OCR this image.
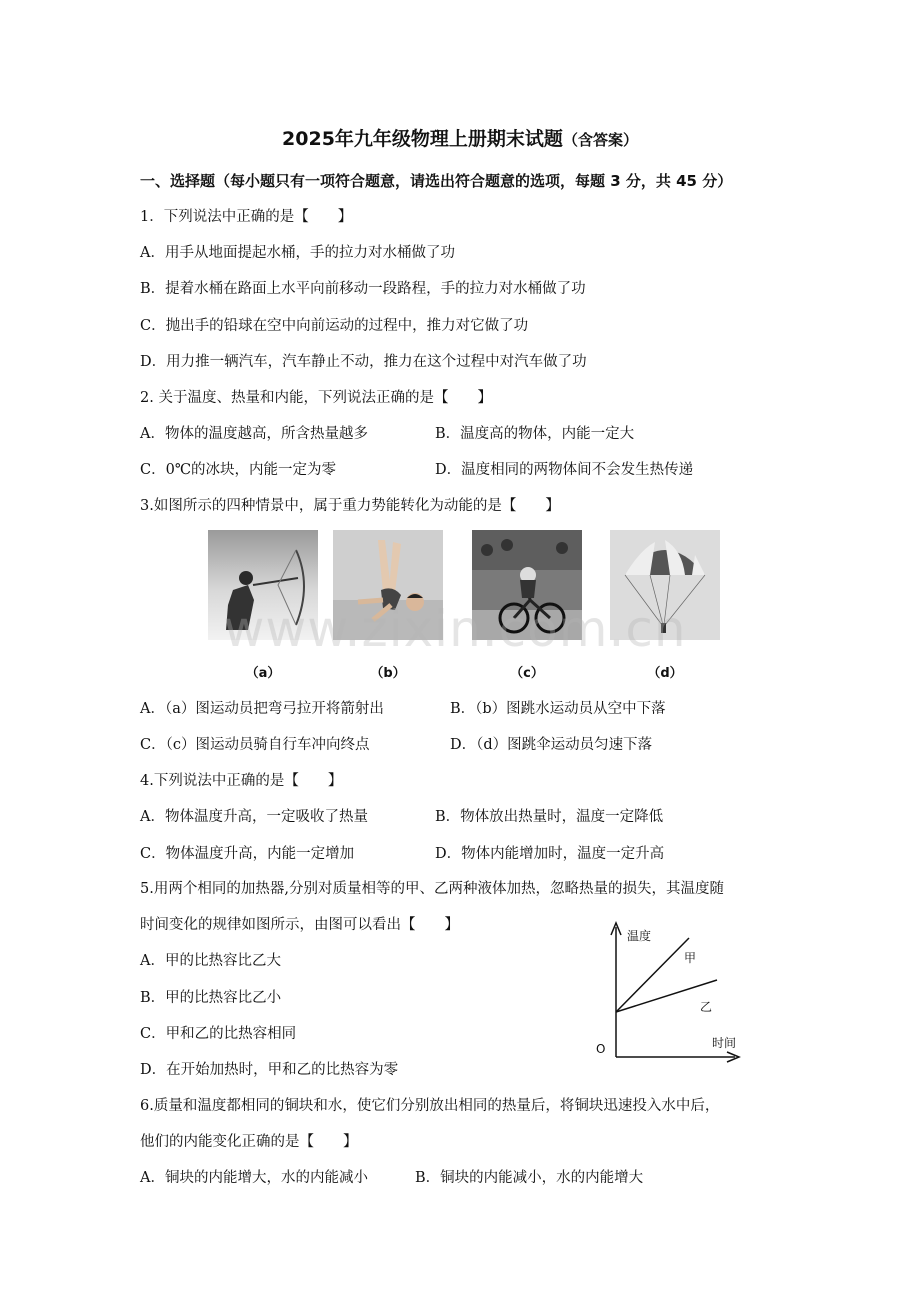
2025年九年级物理上册期末试题（含答案）
一、选择题（每小题只有一项符合题意，请选出符合题意的选项，每题 3 分，共 45 分）
1．下列说法中正确的是【　　】
A．用手从地面提起水桶，手的拉力对水桶做了功
B．提着水桶在路面上水平向前移动一段路程，手的拉力对水桶做了功
C．抛出手的铅球在空中向前运动的过程中，推力对它做了功
D．用力推一辆汽车，汽车静止不动，推力在这个过程中对汽车做了功
2. 关于温度、热量和内能，下列说法正确的是【　　】
A．物体的温度越高，所含热量越多	B．温度高的物体，内能一定大
C．0℃的冰块，内能一定为零	D．温度相同的两物体间不会发生热传递
3.如图所示的四种情景中，属于重力势能转化为动能的是【　　】
（a）	（b）	（c）	（d）
www.zixin.com.cn
A．（a）图运动员把弯弓拉开将箭射出	B．（b）图跳水运动员从空中下落
C．（c）图运动员骑自行车冲向终点	D．（d）图跳伞运动员匀速下落
4.下列说法中正确的是【　　】
A．物体温度升高，一定吸收了热量	B．物体放出热量时，温度一定降低
C．物体温度升高，内能一定增加	D．物体内能增加时，温度一定升高
5.用两个相同的加热器,分别对质量相等的甲、乙两种液体加热，忽略热量的损失，其温度随
时间变化的规律如图所示，由图可以看出【　　】
A．甲的比热容比乙大
B．甲的比热容比乙小
C．甲和乙的比热容相同
D．在开始加热时，甲和乙的比热容为零
温度
时间
O
甲
乙
6.质量和温度都相同的铜块和水，使它们分别放出相同的热量后，将铜块迅速投入水中后，
他们的内能变化正确的是【　　】
A．铜块的内能增大，水的内能减小	B．铜块的内能减小，水的内能增大
